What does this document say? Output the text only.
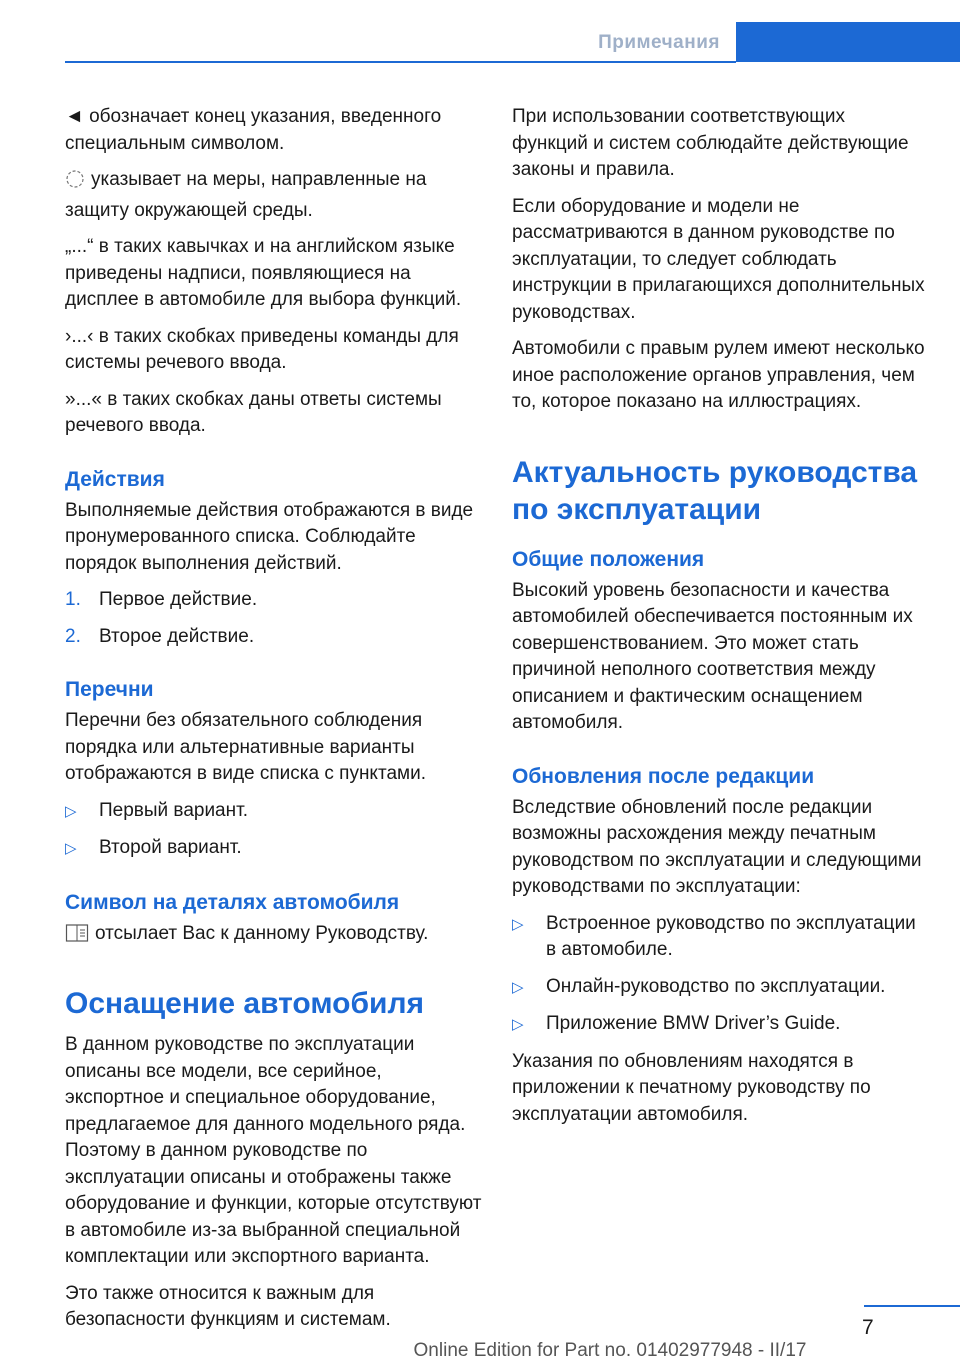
Примечания

◄ обозначает конец указания, введенного специальным символом.

указывает на меры, направленные на защиту окружающей среды.

„...“ в таких кавычках и на английском языке приведены надписи, появляющиеся на дисплее в автомобиле для выбора функций.

›...‹ в таких скобках приведены команды для системы речевого ввода.

»...« в таких скобках даны ответы системы речевого ввода.

Действия

Выполняемые действия отображаются в виде пронумерованного списка. Соблюдайте порядок выполнения действий.

1. Первое действие.
2. Второе действие.
Перечни

Перечни без обязательного соблюдения порядка или альтернативные варианты отображаются в виде списка с пунктами.

▷	Первый вариант.
▷	Второй вариант.
Символ на деталях автомобиля

отсылает Вас к данному Руководству.

Оснащение автомобиля

В данном руководстве по эксплуатации описаны все модели, все серийное, экспортное и специальное оборудование, предлагаемое для данного модельного ряда. Поэтому в данном руководстве по эксплуатации описаны и отображены также оборудование и функции, которые отсутствуют в автомобиле из-за выбранной специальной комплектации или экспортного варианта.

Это также относится к важным для безопасности функциям и системам.

При использовании соответствующих функций и систем соблюдайте действующие законы и правила.

Если оборудование и модели не рассматриваются в данном руководстве по эксплуатации, то следует соблюдать инструкции в прилагающихся дополнительных руководствах.

Автомобили с правым рулем имеют несколько иное расположение органов управления, чем то, которое показано на иллюстрациях.

Актуальность руководства по эксплуатации
Общие положения

Высокий уровень безопасности и качества автомобилей обеспечивается постоянным их совершенствованием. Это может стать причиной неполного соответствия между описанием и фактическим оснащением автомобиля.

Обновления после редакции

Вследствие обновлений после редакции возможны расхождения между печатным руководством по эксплуатации и следующими руководствами по эксплуатации:

▷	Встроенное руководство по эксплуатации в автомобиле.
▷	Онлайн-руководство по эксплуатации.
▷	Приложение BMW Driver’s Guide.

Указания по обновлениям находятся в приложении к печатному руководству по эксплуатации автомобиля.

7
Online Edition for Part no. 01402977948 - II/17
